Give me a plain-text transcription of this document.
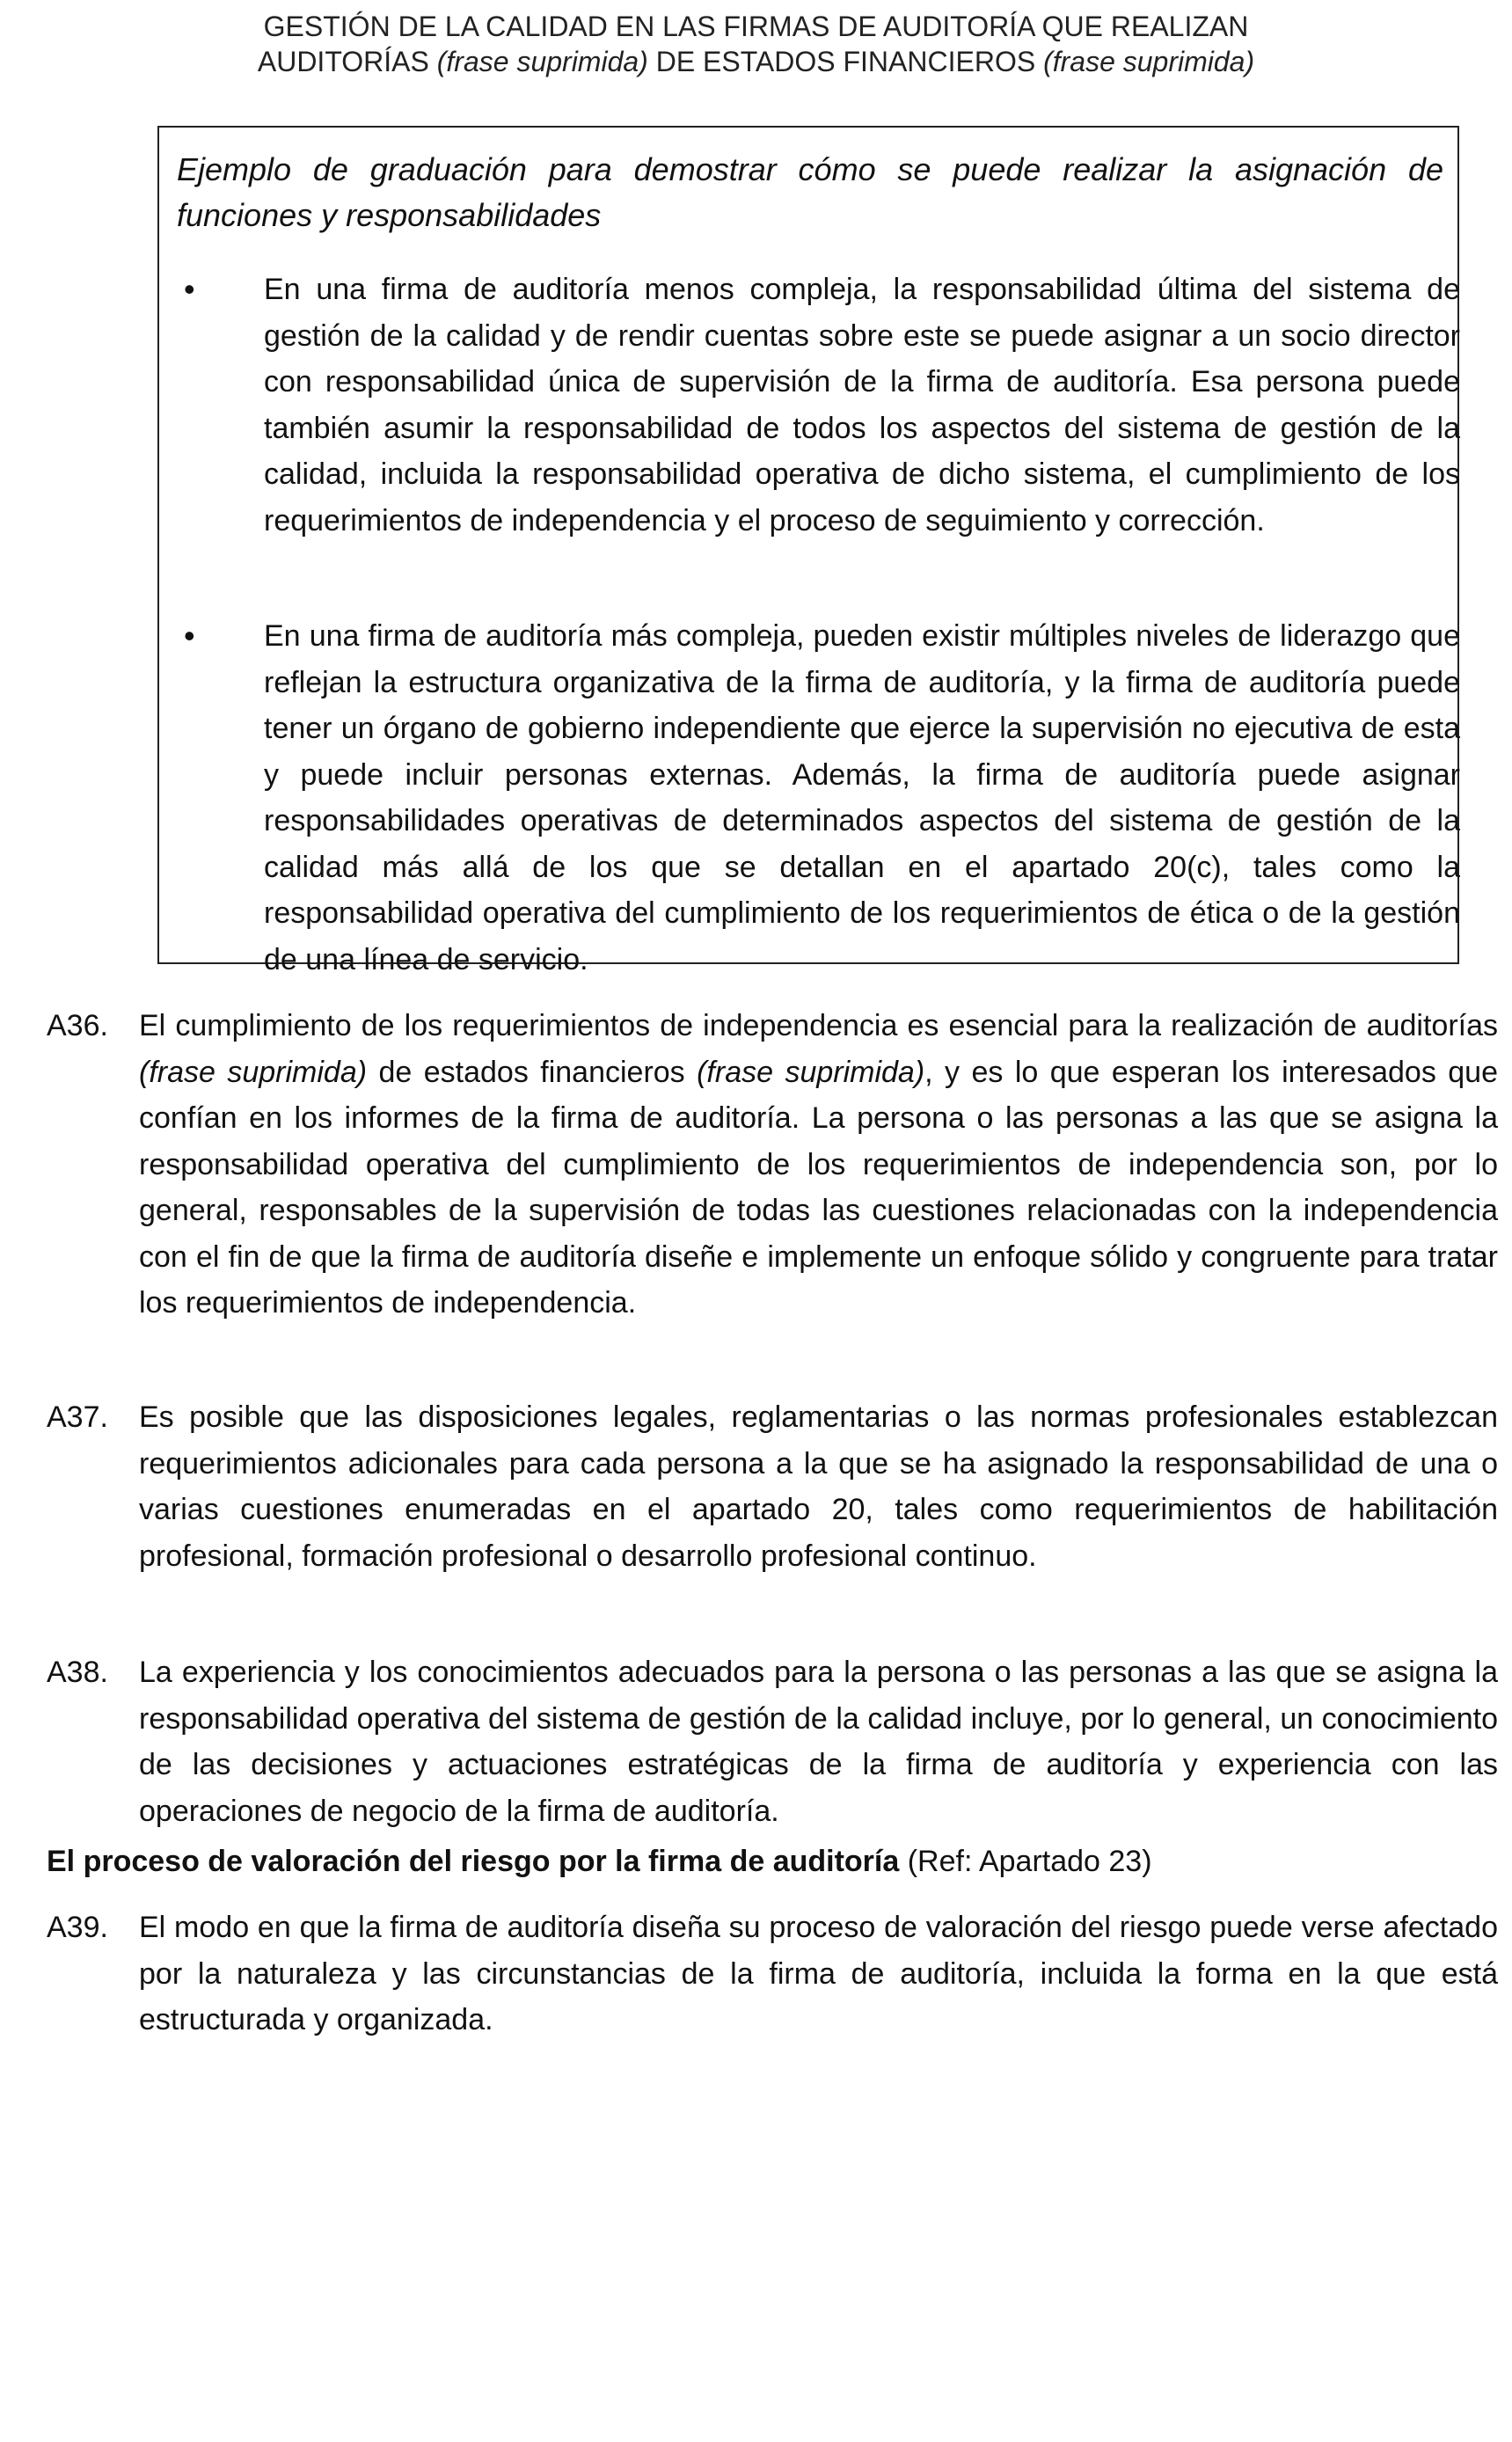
GESTIÓN DE LA CALIDAD EN LAS FIRMAS DE AUDITORÍA QUE REALIZAN
AUDITORÍAS (frase suprimida) DE ESTADOS FINANCIEROS (frase suprimida)
Ejemplo de graduación para demostrar cómo se puede realizar la asignación de funciones y responsabilidades
• En una firma de auditoría menos compleja, la responsabilidad última del sistema de gestión de la calidad y de rendir cuentas sobre este se puede asignar a un socio director con responsabilidad única de supervisión de la firma de auditoría. Esa persona puede también asumir la responsabilidad de todos los aspectos del sistema de gestión de la calidad, incluida la responsabilidad operativa de dicho sistema, el cumplimiento de los requerimientos de independencia y el proceso de seguimiento y corrección.
• En una firma de auditoría más compleja, pueden existir múltiples niveles de liderazgo que reflejan la estructura organizativa de la firma de auditoría, y la firma de auditoría puede tener un órgano de gobierno independiente que ejerce la supervisión no ejecutiva de esta y puede incluir personas externas. Además, la firma de auditoría puede asignar responsabilidades operativas de determinados aspectos del sistema de gestión de la calidad más allá de los que se detallan en el apartado 20(c), tales como la responsabilidad operativa del cumplimiento de los requerimientos de ética o de la gestión de una línea de servicio.
A36. El cumplimiento de los requerimientos de independencia es esencial para la realización de auditorías (frase suprimida) de estados financieros (frase suprimida), y es lo que esperan los interesados que confían en los informes de la firma de auditoría. La persona o las personas a las que se asigna la responsabilidad operativa del cumplimiento de los requerimientos de independencia son, por lo general, responsables de la supervisión de todas las cuestiones relacionadas con la independencia con el fin de que la firma de auditoría diseñe e implemente un enfoque sólido y congruente para tratar los requerimientos de independencia.
A37. Es posible que las disposiciones legales, reglamentarias o las normas profesionales establezcan requerimientos adicionales para cada persona a la que se ha asignado la responsabilidad de una o varias cuestiones enumeradas en el apartado 20, tales como requerimientos de habilitación profesional, formación profesional o desarrollo profesional continuo.
A38. La experiencia y los conocimientos adecuados para la persona o las personas a las que se asigna la responsabilidad operativa del sistema de gestión de la calidad incluye, por lo general, un conocimiento de las decisiones y actuaciones estratégicas de la firma de auditoría y experiencia con las operaciones de negocio de la firma de auditoría.
El proceso de valoración del riesgo por la firma de auditoría (Ref: Apartado 23)
A39. El modo en que la firma de auditoría diseña su proceso de valoración del riesgo puede verse afectado por la naturaleza y las circunstancias de la firma de auditoría, incluida la forma en la que está estructurada y organizada.
